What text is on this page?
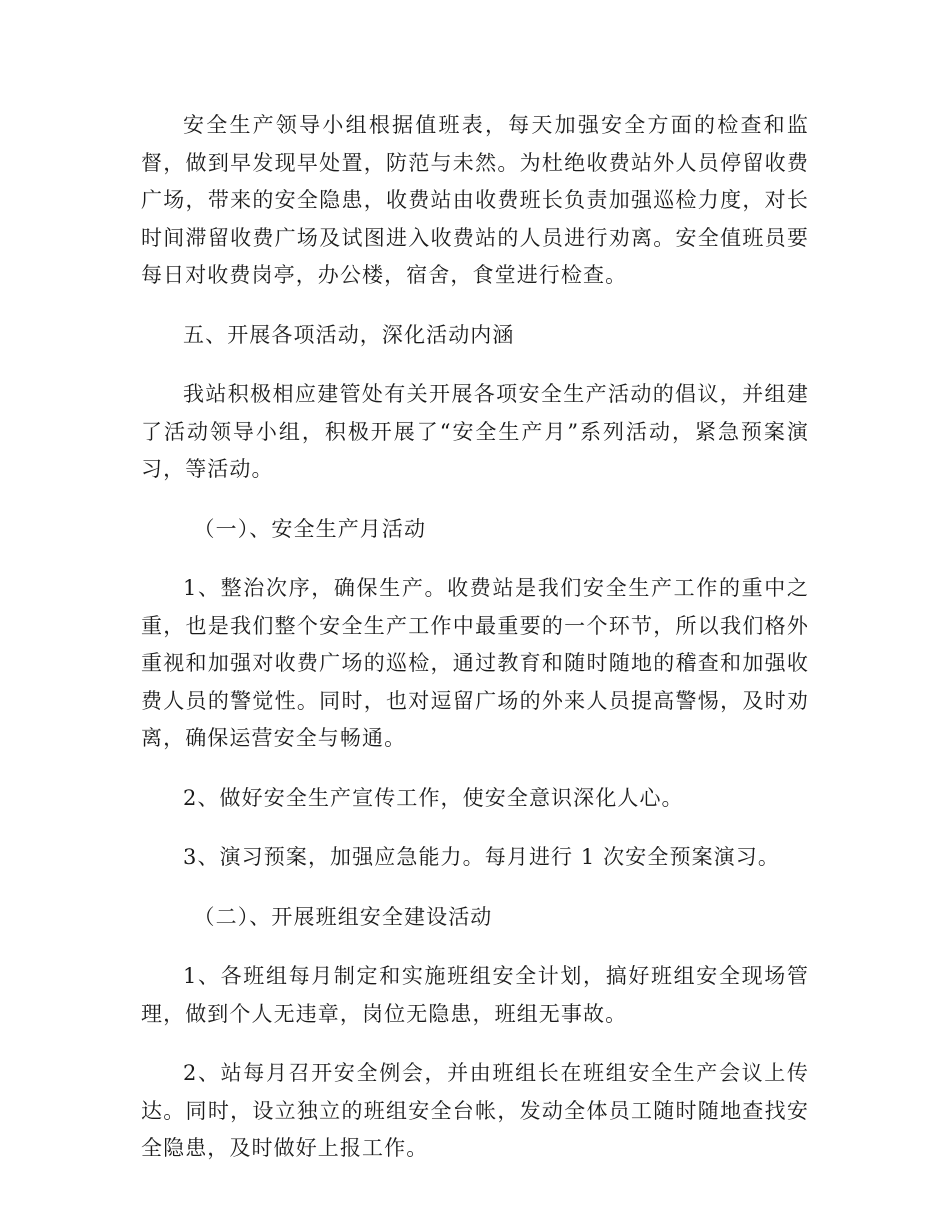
安全生产领导小组根据值班表，每天加强安全方面的检查和监督，做到早发现早处置，防范与未然。为杜绝收费站外人员停留收费广场，带来的安全隐患，收费站由收费班长负责加强巡检力度，对长时间滞留收费广场及试图进入收费站的人员进行劝离。安全值班员要每日对收费岗亭，办公楼，宿舍，食堂进行检查。

五、开展各项活动，深化活动内涵

我站积极相应建管处有关开展各项安全生产活动的倡议，并组建了活动领导小组，积极开展了“安全生产月”系列活动，紧急预案演习，等活动。

（一）、安全生产月活动

1、整治次序，确保生产。收费站是我们安全生产工作的重中之重，也是我们整个安全生产工作中最重要的一个环节，所以我们格外重视和加强对收费广场的巡检，通过教育和随时随地的稽查和加强收费人员的警觉性。同时，也对逗留广场的外来人员提高警惕，及时劝离，确保运营安全与畅通。

2、做好安全生产宣传工作，使安全意识深化人心。

3、演习预案，加强应急能力。每月进行 1 次安全预案演习。

（二）、开展班组安全建设活动

1、各班组每月制定和实施班组安全计划，搞好班组安全现场管理，做到个人无违章，岗位无隐患，班组无事故。

2、站每月召开安全例会，并由班组长在班组安全生产会议上传达。同时，设立独立的班组安全台帐，发动全体员工随时随地查找安全隐患，及时做好上报工作。
